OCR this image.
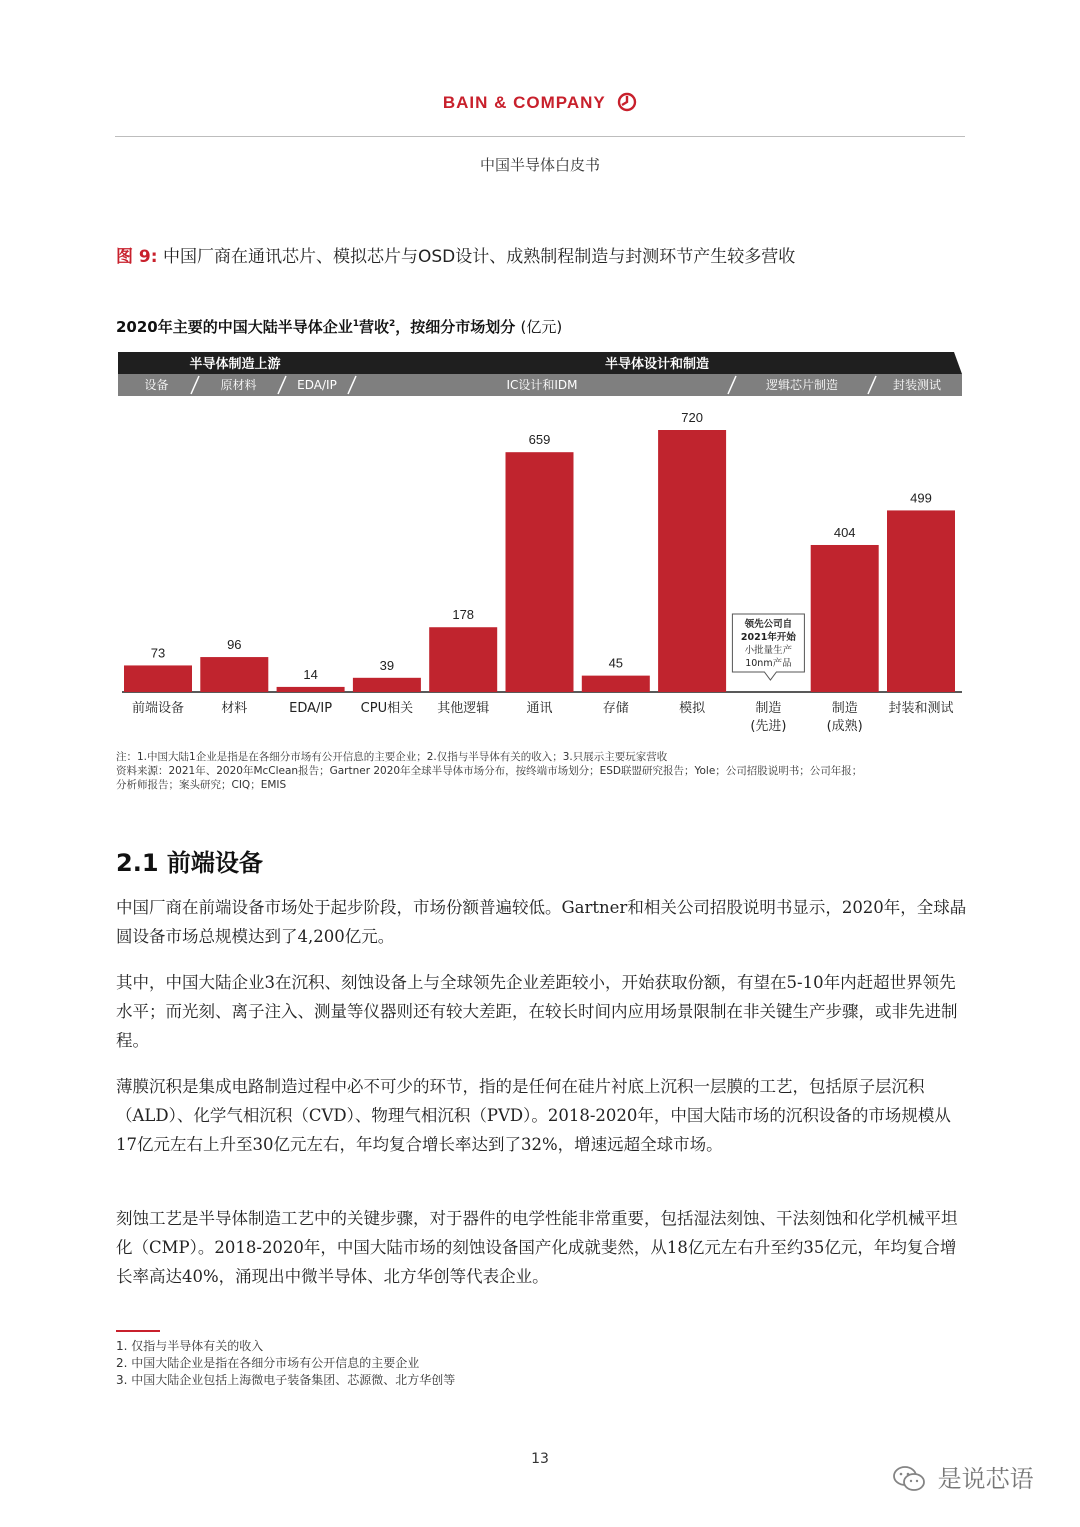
BAIN & COMPANY
中国半导体白皮书
图 9: 中国厂商在通讯芯片、模拟芯片与OSD设计、成熟制程制造与封测环节产生较多营收
2020年主要的中国大陆半导体企业$^1$营收$^2$，按细分市场划分 (亿元)
半导体制造上游	半导体设计和制造
设备	原材料	EDA/IP	IC设计和IDM	逻辑芯片制造	封装测试
73
前端设备
96
材料
14
EDA/IP
39
CPU相关
178
其他逻辑
659
通讯
45
存储
720
模拟	制造
(先进)
404
制造
(成熟)
499
封装和测试
领先公司自
2021年开始
小批量生产
10nm产品
注：1.中国大陆1企业是指是在各细分市场有公开信息的主要企业；2.仅指与半导体有关的收入；3.只展示主要玩家营收
资料来源：2021年、2020年McClean报告；Gartner 2020年全球半导体市场分布，按终端市场划分；ESD联盟研究报告；Yole；公司招股说明书；公司年报；
分析师报告；案头研究；CIQ；EMIS
2.1 前端设备

中国厂商在前端设备市场处于起步阶段，市场份额普遍较低。Gartner和相关公司招股说明书显示，2020年，全球晶圆设备市场总规模达到了4,200亿元。

其中，中国大陆企业3在沉积、刻蚀设备上与全球领先企业差距较小，开始获取份额，有望在5-10年内赶超世界领先水平；而光刻、离子注入、测量等仪器则还有较大差距，在较长时间内应用场景限制在非关键生产步骤，或非先进制程。

薄膜沉积是集成电路制造过程中必不可少的环节，指的是任何在硅片衬底上沉积一层膜的工艺，包括原子层沉积（ALD）、化学气相沉积（CVD）、物理气相沉积（PVD）。2018-2020年，中国大陆市场的沉积设备的市场规模从17亿元左右上升至30亿元左右，年均复合增长率达到了32%，增速远超全球市场。

刻蚀工艺是半导体制造工艺中的关键步骤，对于器件的电学性能非常重要，包括湿法刻蚀、干法刻蚀和化学机械平坦化（CMP）。2018-2020年，中国大陆市场的刻蚀设备国产化成就斐然，从18亿元左右升至约35亿元，年均复合增长率高达40%，涌现出中微半导体、北方华创等代表企业。

1. 仅指与半导体有关的收入
2. 中国大陆企业是指在各细分市场有公开信息的主要企业
3. 中国大陆企业包括上海微电子装备集团、芯源微、北方华创等
13
是说芯语
